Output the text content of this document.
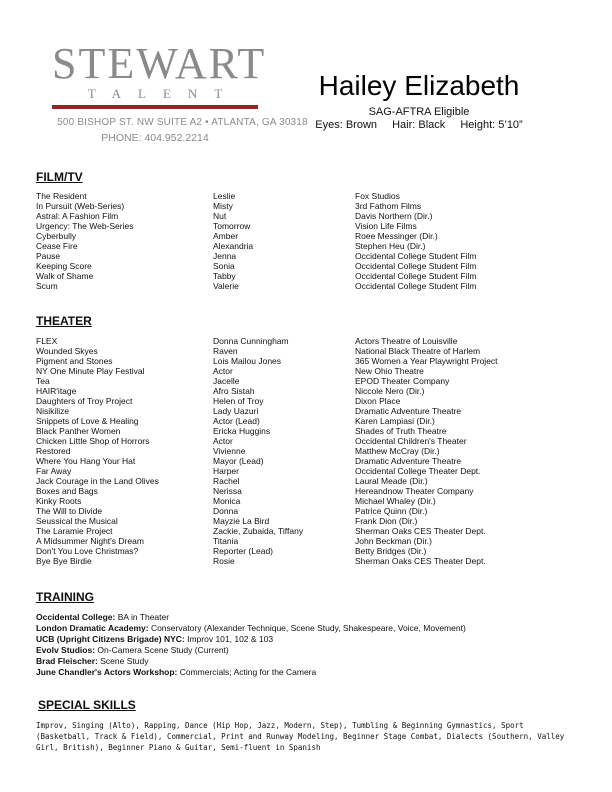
STEWART
TALENT
500 BISHOP ST. NW SUITE A2 • ATLANTA, GA 30318
PHONE: 404.952.2214
Hailey Elizabeth
SAG-AFTRA Eligible
Eyes: Brown Hair: Black Height: 5’10”
FILM/TV
The Resident	Leslie	Fox Studios
In Pursuit (Web-Series)	Misty	3rd Fathom Films
Astral: A Fashion Film	Nut	Davis Northern (Dir.)
Urgency: The Web-Series	Tomorrow	Vision Life Films
Cyberbully	Amber	Roee Messinger (Dir.)
Cease Fire	Alexandria	Stephen Heu (Dir.)
Pause	Jenna	Occidental College Student Film
Keeping Score	Sonia	Occidental College Student Film
Walk of Shame	Tabby	Occidental College Student Film
Scum	Valerie	Occidental College Student Film
THEATER
FLEX	Donna Cunningham	Actors Theatre of Louisville
Wounded Skyes	Raven	National Black Theatre of Harlem
Pigment and Stones	Lois Mailou Jones	365 Women a Year Playwright Project
NY One Minute Play Festival	Actor	New Ohio Theatre
Tea	Jacelle	EPOD Theater Company
HAIR'itage	Afro Sistah	Niccole Nero (Dir.)
Daughters of Troy Project	Helen of Troy	Dixon Place
Nisikilize	Lady Uazuri	Dramatic Adventure Theatre
Snippets of Love & Healing	Actor (Lead)	Karen Lampiasi (Dir.)
Black Panther Women	Ericka Huggins	Shades of Truth Theatre
Chicken Little Shop of Horrors	Actor	Occidental Children's Theater
Restored	Vivienne	Matthew McCray (Dir.)
Where You Hang Your Hat	Mayor (Lead)	Dramatic Adventure Theatre
Far Away	Harper	Occidental College Theater Dept.
Jack Courage in the Land Olives	Rachel	Laural Meade (Dir.)
Boxes and Bags	Nerissa	Hereandnow Theater Company
Kinky Roots	Monica	Michael Whaley (Dir.)
The Will to Divide	Donna	Patrice Quinn (Dir.)
Seussical the Musical	Mayzie La Bird	Frank Dion (Dir.)
The Laramie Project	Zackie, Zubaida, Tiffany	Sherman Oaks CES Theater Dept.
A Midsummer Night's Dream	Titania	John Beckman (Dir.)
Don't You Love Christmas?	Reporter (Lead)	Betty Bridges (Dir.)
Bye Bye Birdie	Rosie	Sherman Oaks CES Theater Dept.
TRAINING
Occidental College: BA in Theater
London Dramatic Academy: Conservatory (Alexander Technique, Scene Study, Shakespeare, Voice, Movement)
UCB (Upright Citizens Brigade) NYC: Improv 101, 102 & 103
Evolv Studios: On-Camera Scene Study (Current)
Brad Fleischer: Scene Study
June Chandler's Actors Workshop: Commercials; Acting for the Camera
SPECIAL SKILLS
Improv, Singing (Alto), Rapping, Dance (Hip Hop, Jazz, Modern, Step), Tumbling & Beginning Gymnastics, Sport (Basketball, Track & Field), Commercial, Print and Runway Modeling, Beginner Stage Combat, Dialects (Southern, Valley Girl, British), Beginner Piano & Guitar, Semi-fluent in Spanish
